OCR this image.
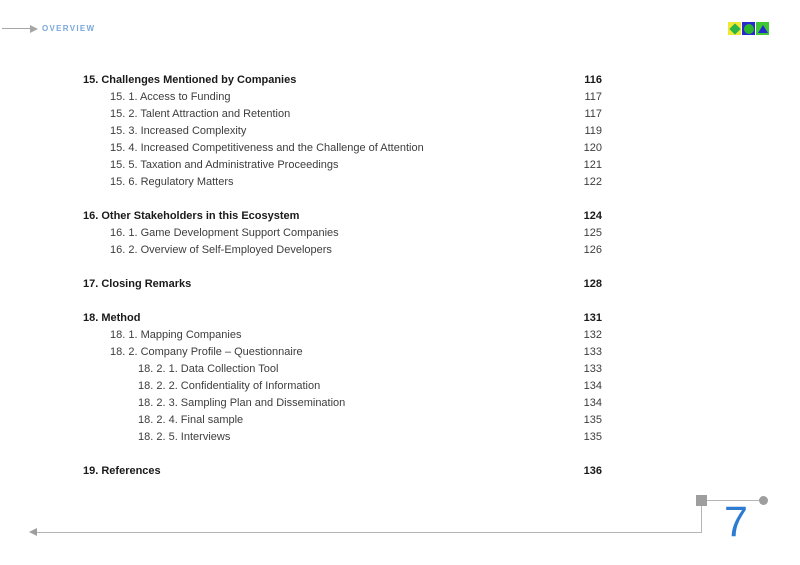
OVERVIEW
15. Challenges Mentioned by Companies	116
15. 1. Access to Funding	117
15. 2. Talent Attraction and Retention	117
15. 3. Increased Complexity	119
15. 4. Increased Competitiveness and the Challenge of Attention	120
15. 5. Taxation and Administrative Proceedings	121
15. 6. Regulatory Matters	122
16. Other Stakeholders in this Ecosystem	124
16. 1. Game Development Support Companies	125
16. 2. Overview of Self-Employed Developers	126
17. Closing Remarks	128
18. Method	131
18. 1. Mapping Companies	132
18. 2. Company Profile – Questionnaire	133
18. 2. 1. Data Collection Tool	133
18. 2. 2. Confidentiality of Information	134
18. 2. 3. Sampling Plan and Dissemination	134
18. 2. 4. Final sample	135
18. 2. 5. Interviews	135
19. References	136
7
